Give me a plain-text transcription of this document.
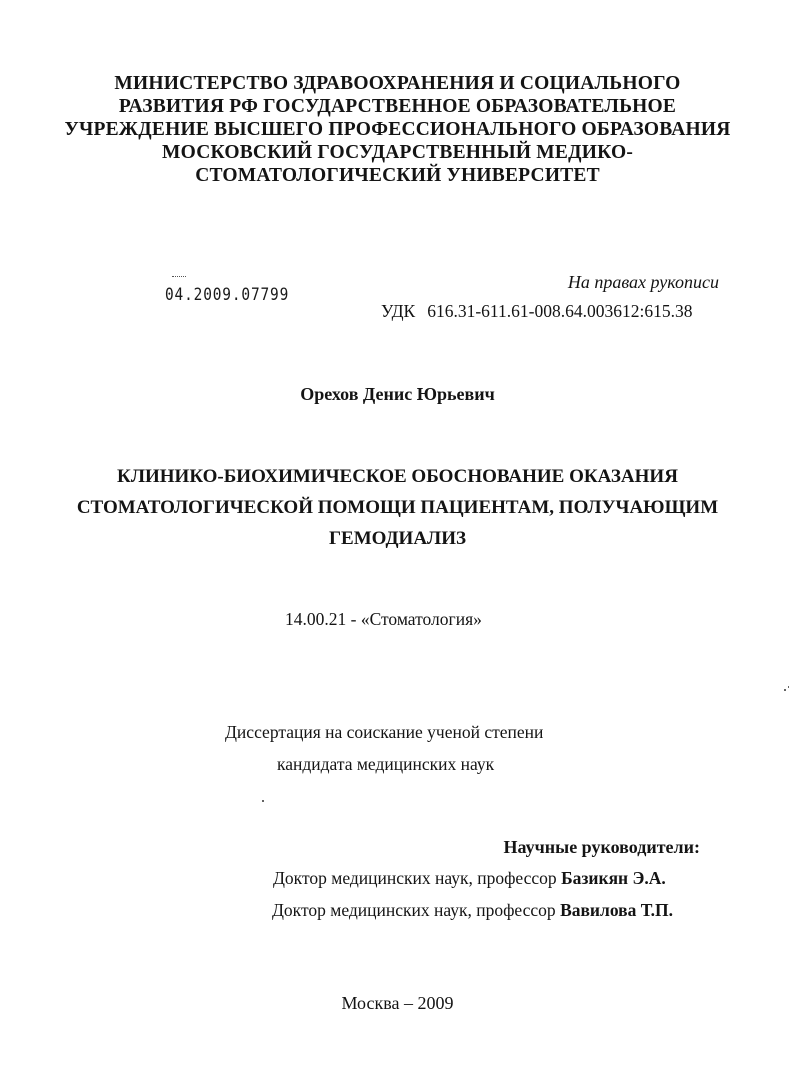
МИНИСТЕРСТВО ЗДРАВООХРАНЕНИЯ И СОЦИАЛЬНОГО
РАЗВИТИЯ РФ ГОСУДАРСТВЕННОЕ ОБРАЗОВАТЕЛЬНОЕ
УЧРЕЖДЕНИЕ ВЫСШЕГО ПРОФЕССИОНАЛЬНОГО ОБРАЗОВАНИЯ
МОСКОВСКИЙ ГОСУДАРСТВЕННЫЙ МЕДИКО-
СТОМАТОЛОГИЧЕСКИЙ УНИВЕРСИТЕТ
04.2009.07799
На правах рукописи
УДК 616.31-611.61-008.64.003612:615.38
Орехов Денис Юрьевич
КЛИНИКО-БИОХИМИЧЕСКОЕ ОБОСНОВАНИЕ ОКАЗАНИЯ
СТОМАТОЛОГИЧЕСКОЙ ПОМОЩИ ПАЦИЕНТАМ, ПОЛУЧАЮЩИМ
ГЕМОДИАЛИЗ
14.00.21 - «Стоматология»
Диссертация на соискание ученой степени
кандидата медицинских наук
Научные руководители:
Доктор медицинских наук, профессор Базикян Э.А.
Доктор медицинских наук, профессор Вавилова Т.П.
Москва – 2009
